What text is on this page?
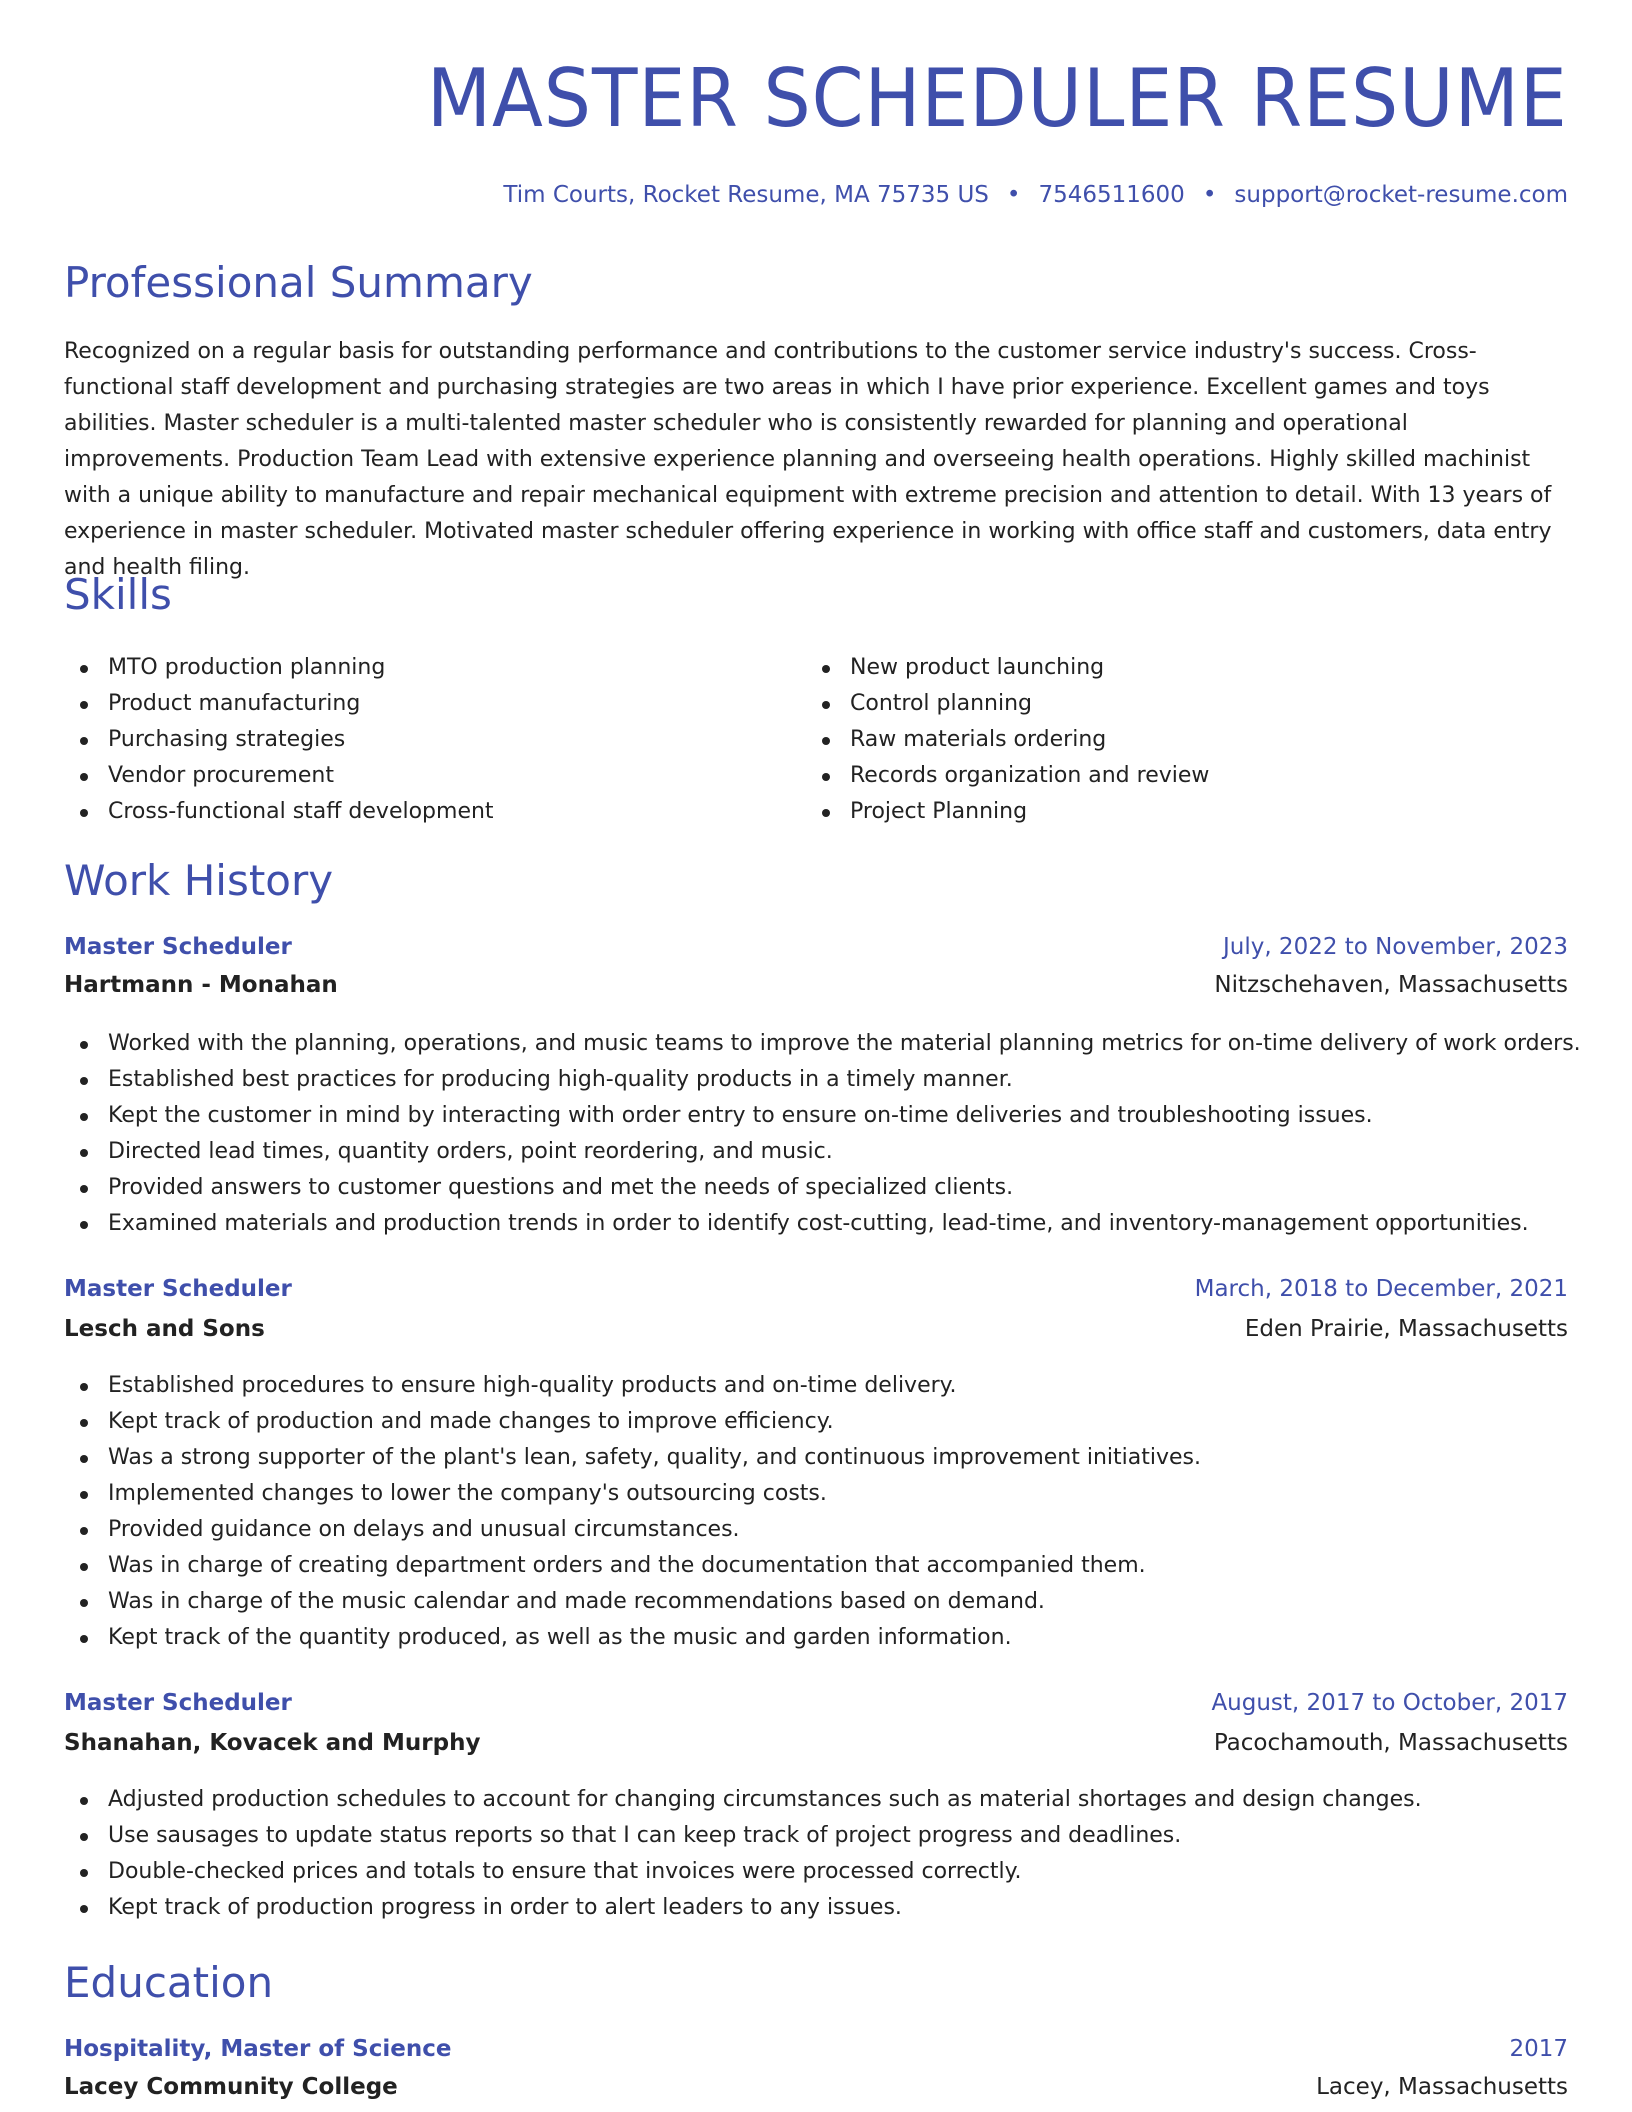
MASTER SCHEDULER RESUME
Tim Courts, Rocket Resume, MA 75735 US • 7546511600 • support@rocket-resume.com
Professional Summary
Recognized on a regular basis for outstanding performance and contributions to the customer service industry's success. Cross-functional staff development and purchasing strategies are two areas in which I have prior experience. Excellent games and toys abilities. Master scheduler is a multi-talented master scheduler who is consistently rewarded for planning and operational improvements. Production Team Lead with extensive experience planning and overseeing health operations. Highly skilled machinist with a unique ability to manufacture and repair mechanical equipment with extreme precision and attention to detail. With 13 years of experience in master scheduler. Motivated master scheduler offering experience in working with office staff and customers, data entry and health filing.
Skills
MTO production planning
Product manufacturing
Purchasing strategies
Vendor procurement
Cross-functional staff development
New product launching
Control planning
Raw materials ordering
Records organization and review
Project Planning
Work History
Master Scheduler	July, 2022 to November, 2023
Hartmann - Monahan	Nitzschehaven, Massachusetts
Worked with the planning, operations, and music teams to improve the material planning metrics for on-time delivery of work orders.
Established best practices for producing high-quality products in a timely manner.
Kept the customer in mind by interacting with order entry to ensure on-time deliveries and troubleshooting issues.
Directed lead times, quantity orders, point reordering, and music.
Provided answers to customer questions and met the needs of specialized clients.
Examined materials and production trends in order to identify cost-cutting, lead-time, and inventory-management opportunities.
Master Scheduler	March, 2018 to December, 2021
Lesch and Sons	Eden Prairie, Massachusetts
Established procedures to ensure high-quality products and on-time delivery.
Kept track of production and made changes to improve efficiency.
Was a strong supporter of the plant's lean, safety, quality, and continuous improvement initiatives.
Implemented changes to lower the company's outsourcing costs.
Provided guidance on delays and unusual circumstances.
Was in charge of creating department orders and the documentation that accompanied them.
Was in charge of the music calendar and made recommendations based on demand.
Kept track of the quantity produced, as well as the music and garden information.
Master Scheduler	August, 2017 to October, 2017
Shanahan, Kovacek and Murphy	Pacochamouth, Massachusetts
Adjusted production schedules to account for changing circumstances such as material shortages and design changes.
Use sausages to update status reports so that I can keep track of project progress and deadlines.
Double-checked prices and totals to ensure that invoices were processed correctly.
Kept track of production progress in order to alert leaders to any issues.
Education
Hospitality, Master of Science	2017
Lacey Community College	Lacey, Massachusetts
